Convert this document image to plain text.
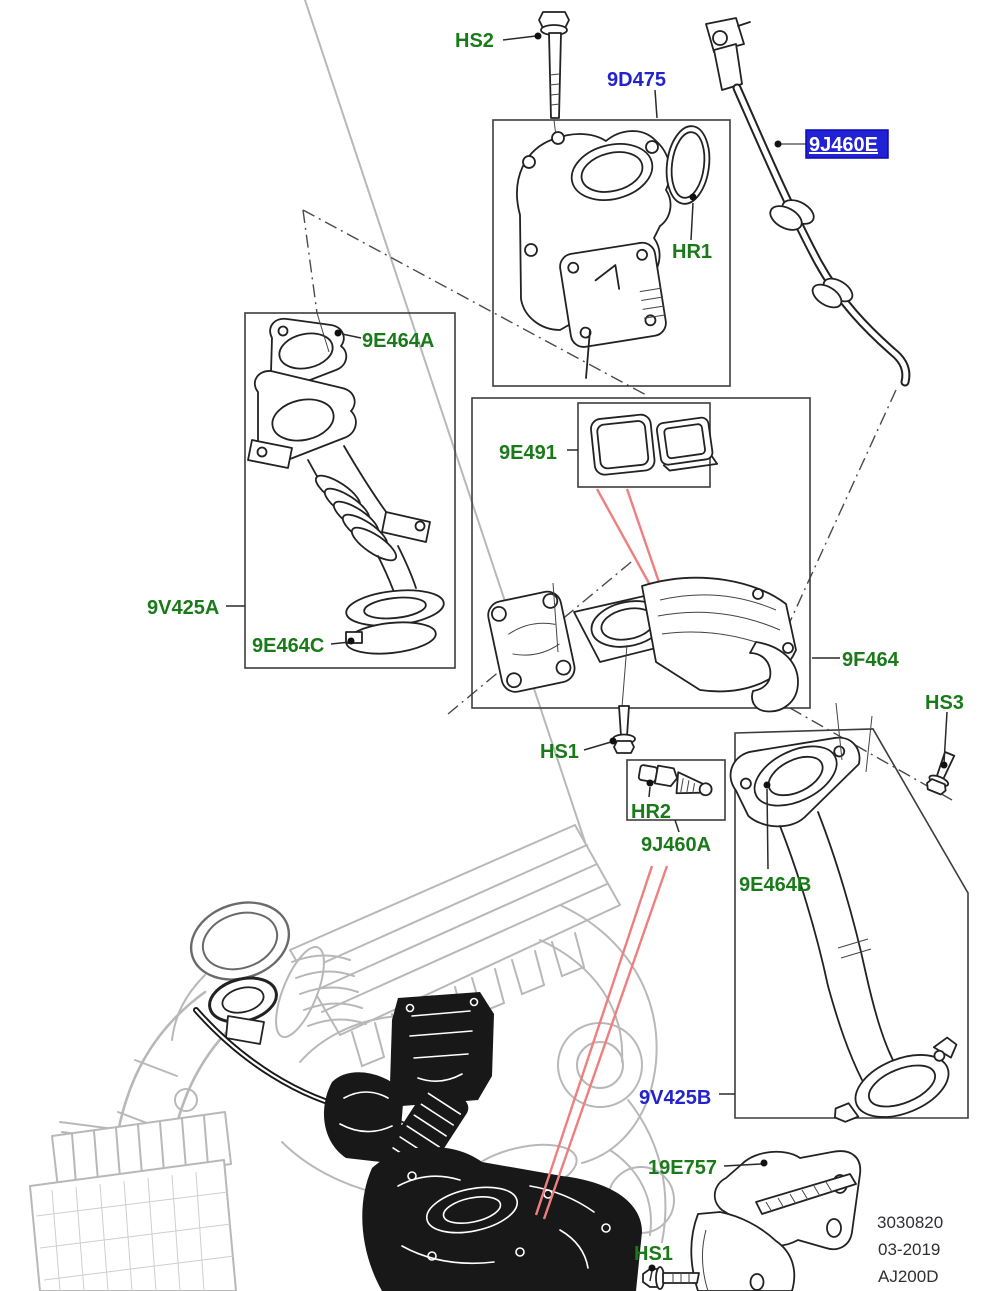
HS2
9D475
9J460E
HR1
9E464A
9E491
9V425A
9E464C
9F464
HS3
HS1
HR2
9J460A
9E464B
9V425B
19E757
HS1
3030820
03-2019
AJ200D
